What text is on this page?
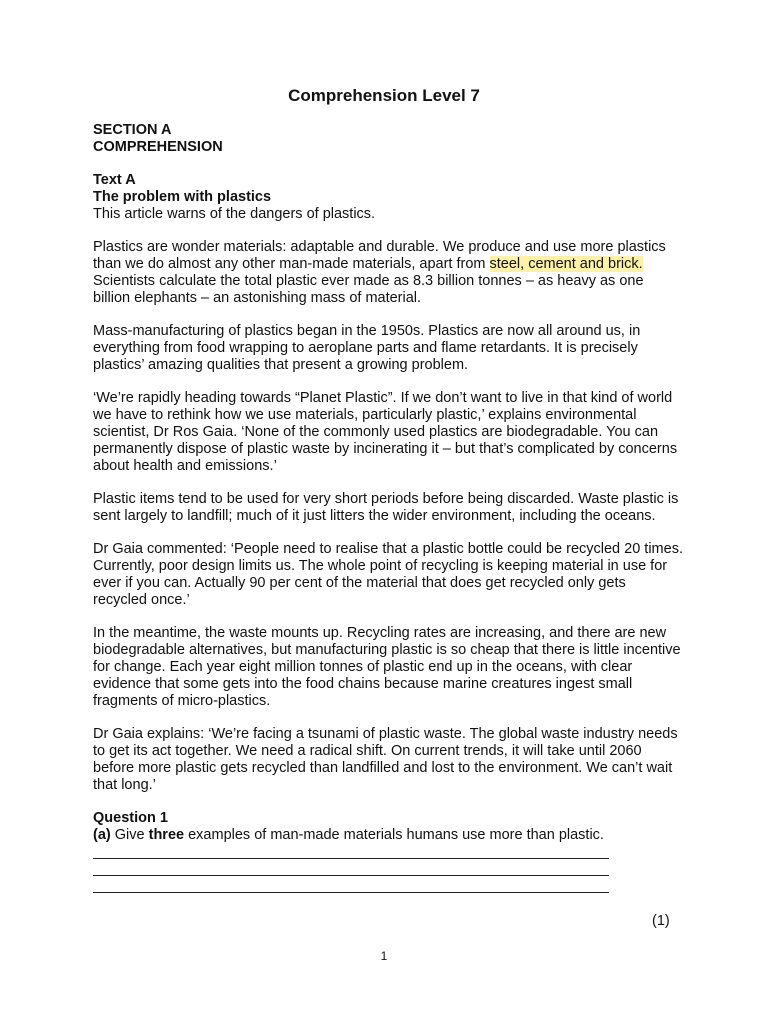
Comprehension Level 7

SECTION A
COMPREHENSION

Text A
The problem with plastics
This article warns of the dangers of plastics.

Plastics are wonder materials: adaptable and durable. We produce and use more plastics than we do almost any other man-made materials, apart from steel, cement and brick. Scientists calculate the total plastic ever made as 8.3 billion tonnes – as heavy as one billion elephants – an astonishing mass of material.

Mass-manufacturing of plastics began in the 1950s. Plastics are now all around us, in everything from food wrapping to aeroplane parts and flame retardants. It is precisely plastics’ amazing qualities that present a growing problem.

‘We’re rapidly heading towards “Planet Plastic”. If we don’t want to live in that kind of world we have to rethink how we use materials, particularly plastic,’ explains environmental scientist, Dr Ros Gaia. ‘None of the commonly used plastics are biodegradable. You can permanently dispose of plastic waste by incinerating it – but that’s complicated by concerns about health and emissions.’

Plastic items tend to be used for very short periods before being discarded. Waste plastic is sent largely to landfill; much of it just litters the wider environment, including the oceans.

Dr Gaia commented: ‘People need to realise that a plastic bottle could be recycled 20 times. Currently, poor design limits us. The whole point of recycling is keeping material in use for ever if you can. Actually 90 per cent of the material that does get recycled only gets recycled once.’

In the meantime, the waste mounts up. Recycling rates are increasing, and there are new biodegradable alternatives, but manufacturing plastic is so cheap that there is little incentive for change. Each year eight million tonnes of plastic end up in the oceans, with clear evidence that some gets into the food chains because marine creatures ingest small fragments of micro-plastics.

Dr Gaia explains: ‘We’re facing a tsunami of plastic waste. The global waste industry needs to get its act together. We need a radical shift. On current trends, it will take until 2060 before more plastic gets recycled than landfilled and lost to the environment. We can’t wait that long.’

Question 1
(a) Give three examples of man-made materials humans use more than plastic.

(1)
1
